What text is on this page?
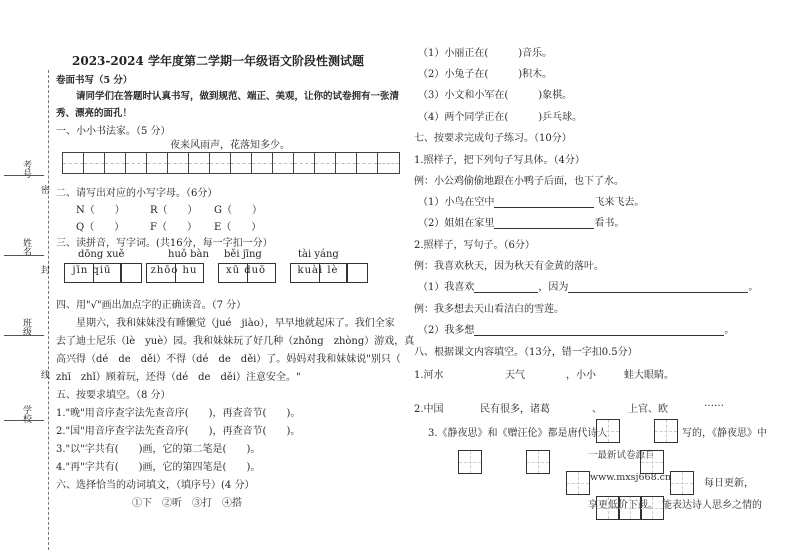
考号
姓名
班级
学校
密
封
线
2023-2024 学年度第二学期一年级语文阶段性测试题
卷面书写（5 分）
请同学们在答题时认真书写，做到规范、端正、美观，让你的试卷拥有一张清秀、漂亮的面孔！
一、小小书法家。（5 分）
夜来风雨声，花落知多少。
二、请写出对应的小写字母。（6分）
N（　　）	R（　　） G（　　）
Q（　　）	F（　　） E（　　）
三、读拼音，写字词。(共16分，每一字扣一分）
dōng xuě	huǒ bàn běi jīng	tài yáng
jīn qiū	zhōo hu	xū duō	kuài lè
四、用"√"画出加点字的正确读音。（7 分）
星期六，我和妹妹没有睡懒觉（jué　jiào），早早地就起床了。我们全家
去了迪士尼乐（lè　yuè）园。我和妹妹玩了好几种（zhǒng　zhòng）游戏，真
高兴得（dé　de　děi）不得（dé　de　děi）了。妈妈对我和妹妹说"别只（
zhī　zhǐ）顾着玩，还得（dé　de　děi）注意安全。"
五、按要求填空。（8 分）
1."晚"用音序查字法先查音序(　　)，再查音节(　　)。
2."国"用音序查字法先查音序(　　)，再查音节(　　)。
3."以"字共有(　　)画，它的第二笔是(　　)。
4."再"字共有(　　)画，它的第四笔是(　　)。
六、选择恰当的动词填文，（填序号）(4 分）
①下　②听　③打　④搭
（1）小丽正在(　　　)音乐。
（2）小兔子在(　　　)积木。
（3）小文和小军在(　　　)象棋。
（4）两个同学正在(　　　)乒乓球。
七、按要求完成句子练习。（10分）
1.照样子，把下列句子写具体。（4分）
例：小公鸡偷偷地跟在小鸭子后面，也下了水。
（1）小鸟在空中	飞来飞去。
（2）姐姐在家里	看书。
2.照样子，写句子。（6分）
例：我喜欢秋天，因为秋天有金黄的落叶。
（1）我喜欢	，因为	。
例：我多想去天山看洁白的雪莲。
（2）我多想	。
八、根据课文内容填空。（13分，错一字扣0.5分）
1.河水	天气	，小小	蛙大眼睛。
2.中国	民有很多，诸葛	、	上官、欧
……
3.《静夜思》和《赠汪伦》都是唐代诗人	写的，《静夜思》中
一最新试卷源自
www.mxsj668.cn
每日更新，
享更低价下载。 能表达诗人思乡之情的
